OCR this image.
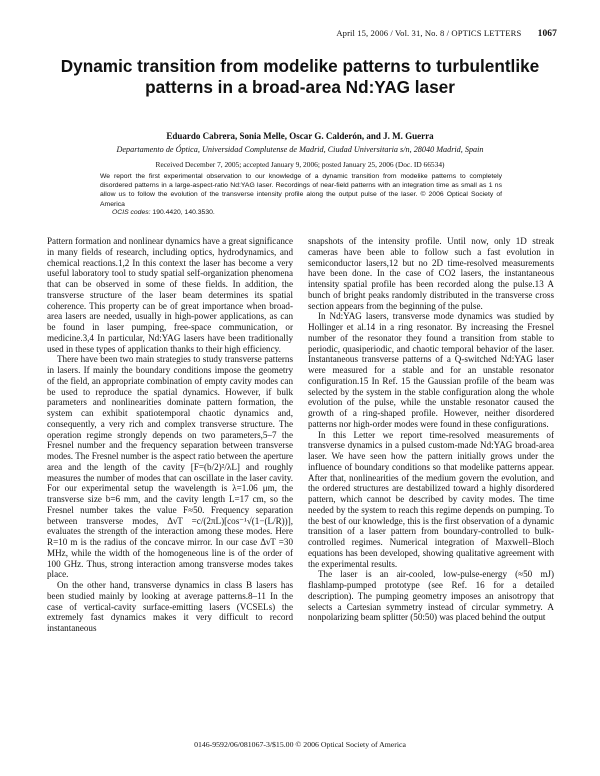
April 15, 2006 / Vol. 31, No. 8 / OPTICS LETTERS 1067
Dynamic transition from modelike patterns to turbulentlike patterns in a broad-area Nd:YAG laser
Eduardo Cabrera, Sonia Melle, Oscar G. Calderón, and J. M. Guerra
Departamento de Óptica, Universidad Complutense de Madrid, Ciudad Universitaria s/n, 28040 Madrid, Spain
Received December 7, 2005; accepted January 9, 2006; posted January 25, 2006 (Doc. ID 66534)
We report the first experimental observation to our knowledge of a dynamic transition from modelike patterns to completely disordered patterns in a large-aspect-ratio Nd:YAG laser. Recordings of near-field patterns with an integration time as small as 1 ns allow us to follow the evolution of the transverse intensity profile along the output pulse of the laser. © 2006 Optical Society of America
OCIS codes: 190.4420, 140.3530.

Pattern formation and nonlinear dynamics have a great significance in many fields of research, including optics, hydrodynamics, and chemical reactions.1,2 In this context the laser has become a very useful laboratory tool to study spatial self-organization phenomena that can be observed in some of these fields. In addition, the transverse structure of the laser beam determines its spatial coherence. This property can be of great importance when broad-area lasers are needed, usually in high-power applications, as can be found in laser pumping, free-space communication, or medicine.3,4 In particular, Nd:YAG lasers have been traditionally used in these types of application thanks to their high efficiency.

There have been two main strategies to study transverse patterns in lasers. If mainly the boundary conditions impose the geometry of the field, an appropriate combination of empty cavity modes can be used to reproduce the spatial dynamics. However, if bulk parameters and nonlinearities dominate pattern formation, the system can exhibit spatiotemporal chaotic dynamics and, consequently, a very rich and complex transverse structure. The operation regime strongly depends on two parameters,5–7 the Fresnel number and the frequency separation between transverse modes. The Fresnel number is the aspect ratio between the aperture area and the length of the cavity [F=(b/2)²/λL] and roughly measures the number of modes that can oscillate in the laser cavity. For our experimental setup the wavelength is λ=1.06 μm, the transverse size b=6 mm, and the cavity length L=17 cm, so the Fresnel number takes the value F≈50. Frequency separation between transverse modes, ΔνT =c/(2πL)[cos⁻¹√(1−(L/R))], evaluates the strength of the interaction among these modes. Here R=10 m is the radius of the concave mirror. In our case ΔνT =30 MHz, while the width of the homogeneous line is of the order of 100 GHz. Thus, strong interaction among transverse modes takes place.

On the other hand, transverse dynamics in class B lasers has been studied mainly by looking at average patterns.8–11 In the case of vertical-cavity surface-emitting lasers (VCSELs) the extremely fast dynamics makes it very difficult to record instantaneous

snapshots of the intensity profile. Until now, only 1D streak cameras have been able to follow such a fast evolution in semiconductor lasers,12 but no 2D time-resolved measurements have been done. In the case of CO2 lasers, the instantaneous intensity spatial profile has been recorded along the pulse.13 A bunch of bright peaks randomly distributed in the transverse cross section appears from the beginning of the pulse.

In Nd:YAG lasers, transverse mode dynamics was studied by Hollinger et al.14 in a ring resonator. By increasing the Fresnel number of the resonator they found a transition from stable to periodic, quasiperiodic, and chaotic temporal behavior of the laser. Instantaneous transverse patterns of a Q-switched Nd:YAG laser were measured for a stable and for an unstable resonator configuration.15 In Ref. 15 the Gaussian profile of the beam was selected by the system in the stable configuration along the whole evolution of the pulse, while the unstable resonator caused the growth of a ring-shaped profile. However, neither disordered patterns nor high-order modes were found in these configurations.

In this Letter we report time-resolved measurements of transverse dynamics in a pulsed custom-made Nd:YAG broad-area laser. We have seen how the pattern initially grows under the influence of boundary conditions so that modelike patterns appear. After that, nonlinearities of the medium govern the evolution, and the ordered structures are destabilized toward a highly disordered pattern, which cannot be described by cavity modes. The time needed by the system to reach this regime depends on pumping. To the best of our knowledge, this is the first observation of a dynamic transition of a laser pattern from boundary-controlled to bulk-controlled regimes. Numerical integration of Maxwell–Bloch equations has been developed, showing qualitative agreement with the experimental results.

The laser is an air-cooled, low-pulse-energy (≈50 mJ) flashlamp-pumped prototype (see Ref. 16 for a detailed description). The pumping geometry imposes an anisotropy that selects a Cartesian symmetry instead of circular symmetry. A nonpolarizing beam splitter (50:50) was placed behind the output

0146-9592/06/081067-3/$15.00 © 2006 Optical Society of America
